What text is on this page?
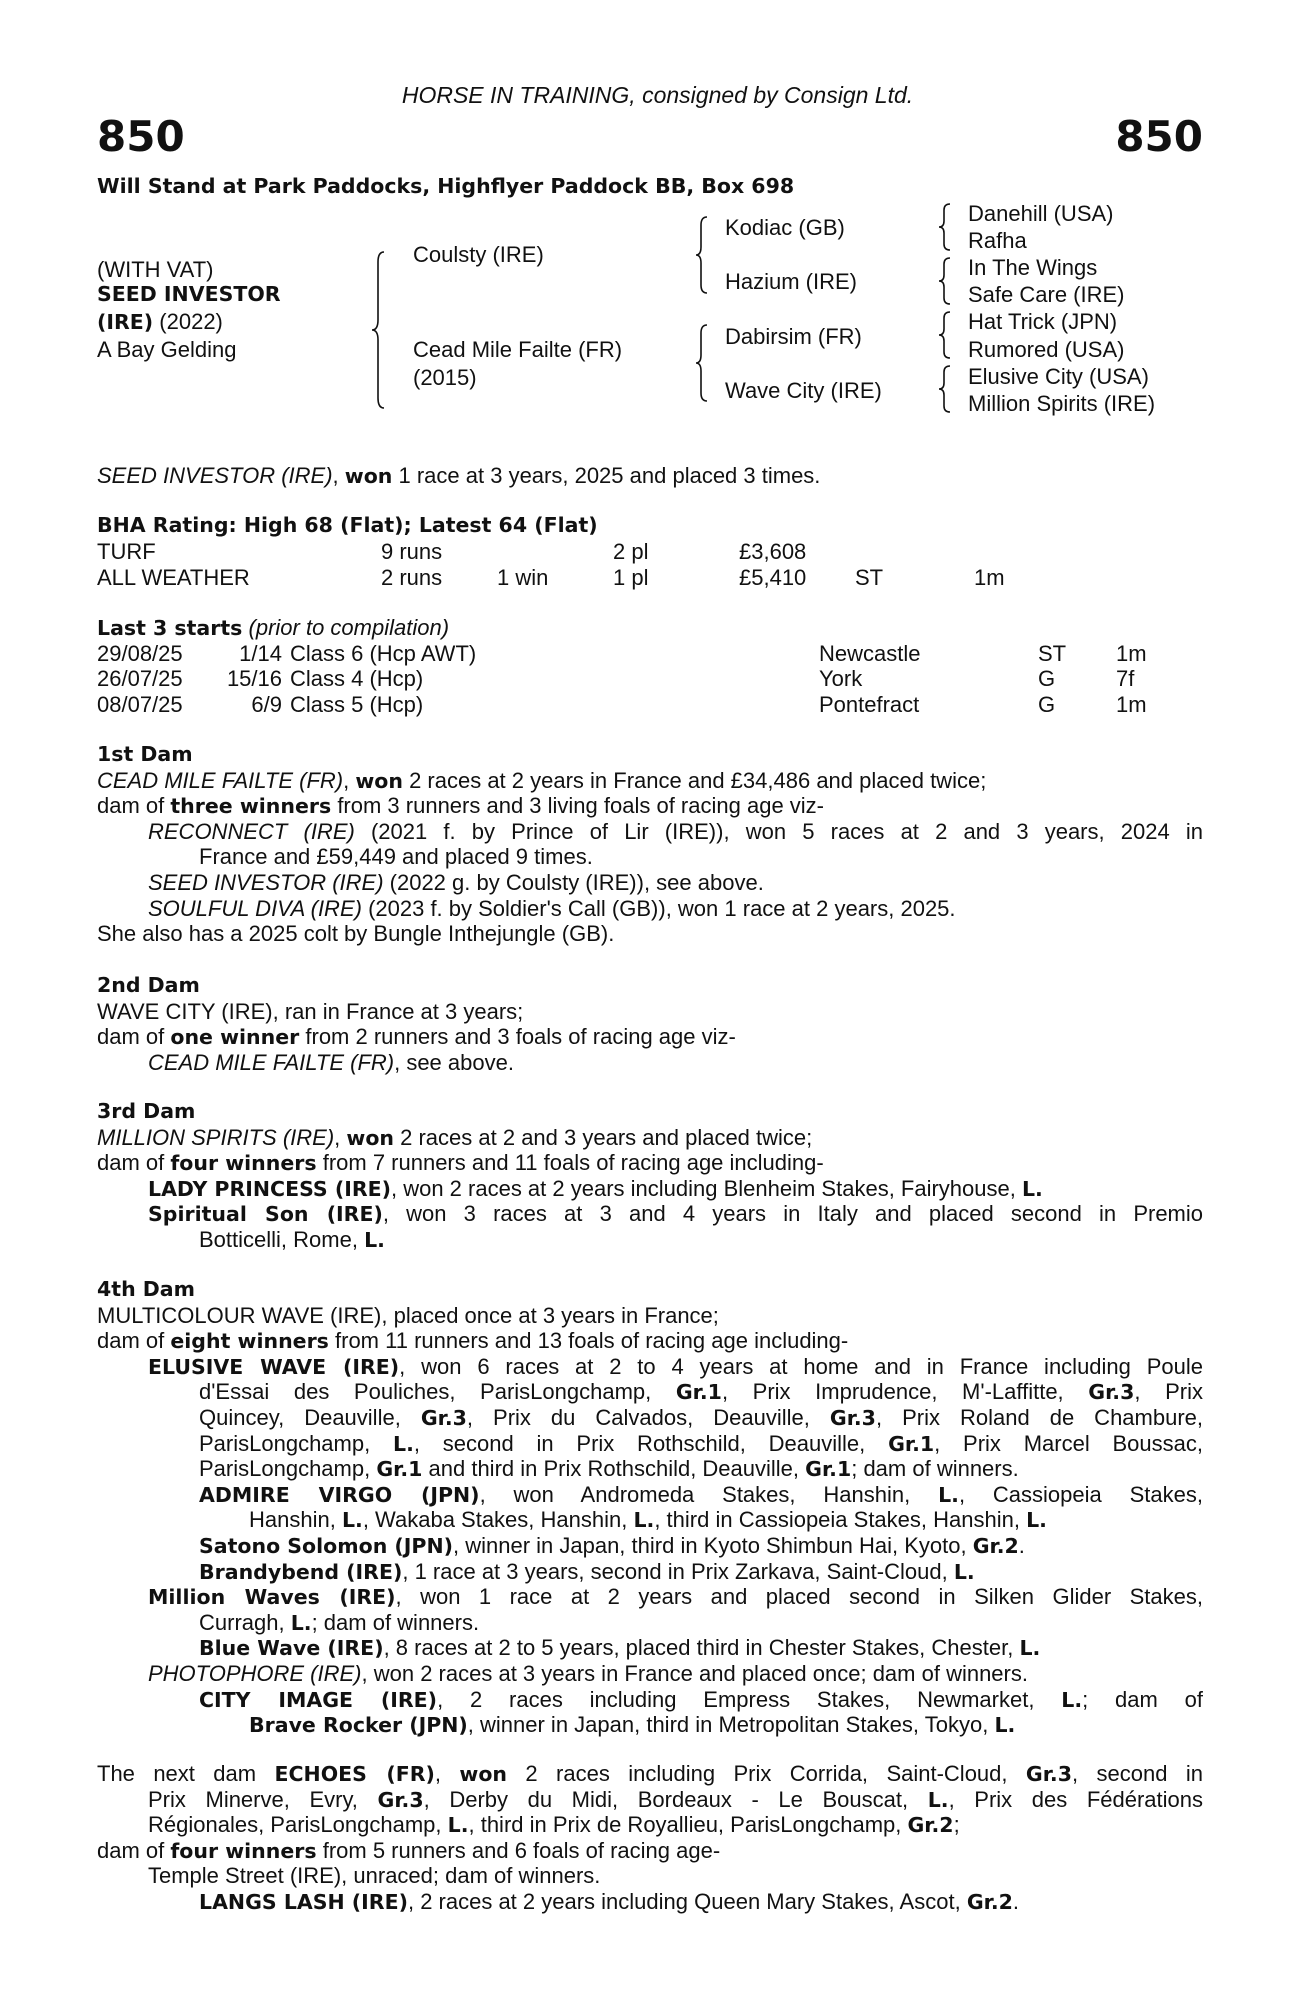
HORSE IN TRAINING, consigned by Consign Ltd.
850	850
Will Stand at Park Paddocks, Highflyer Paddock BB, Box 698
(WITH VAT)
SEED INVESTOR
(IRE) (2022)
A Bay Gelding
Coulsty (IRE)
Cead Mile Failte (FR)
(2015)
Kodiac (GB)
Hazium (IRE)
Dabirsim (FR)
Wave City (IRE)
Danehill (USA)
Rafha
In The Wings
Safe Care (IRE)
Hat Trick (JPN)
Rumored (USA)
Elusive City (USA)
Million Spirits (IRE)
SEED INVESTOR (IRE), won 1 race at 3 years, 2025 and placed 3 times.
BHA Rating: High 68 (Flat); Latest 64 (Flat)
TURF	9 runs	2 pl	£3,608
ALL WEATHER	2 runs 1 win	1 pl	£5,410 ST	1m
Last 3 starts (prior to compilation)
29/08/25	1/14 Class 6 (Hcp AWT)	Newcastle	ST 1m
26/07/25 15/16 Class 4 (Hcp)	York	G	7f
08/07/25	6/9 Class 5 (Hcp)	Pontefract	G	1m
1st Dam
CEAD MILE FAILTE (FR), won 2 races at 2 years in France and £34,486 and placed twice;
dam of three winners from 3 runners and 3 living foals of racing age viz-
RECONNECT (IRE) (2021 f. by Prince of Lir (IRE)), won 5 races at 2 and 3 years, 2024 in
France and £59,449 and placed 9 times.
SEED INVESTOR (IRE) (2022 g. by Coulsty (IRE)), see above.
SOULFUL DIVA (IRE) (2023 f. by Soldier's Call (GB)), won 1 race at 2 years, 2025.
She also has a 2025 colt by Bungle Inthejungle (GB).
2nd Dam
WAVE CITY (IRE), ran in France at 3 years;
dam of one winner from 2 runners and 3 foals of racing age viz-
CEAD MILE FAILTE (FR), see above.
3rd Dam
MILLION SPIRITS (IRE), won 2 races at 2 and 3 years and placed twice;
dam of four winners from 7 runners and 11 foals of racing age including-
LADY PRINCESS (IRE), won 2 races at 2 years including Blenheim Stakes, Fairyhouse, L.
Spiritual Son (IRE), won 3 races at 3 and 4 years in Italy and placed second in Premio
Botticelli, Rome, L.
4th Dam
MULTICOLOUR WAVE (IRE), placed once at 3 years in France;
dam of eight winners from 11 runners and 13 foals of racing age including-
ELUSIVE WAVE (IRE), won 6 races at 2 to 4 years at home and in France including Poule
d'Essai des Pouliches, ParisLongchamp, Gr.1, Prix Imprudence, M'-Laffitte, Gr.3, Prix
Quincey, Deauville, Gr.3, Prix du Calvados, Deauville, Gr.3, Prix Roland de Chambure,
ParisLongchamp, L., second in Prix Rothschild, Deauville, Gr.1, Prix Marcel Boussac,
ParisLongchamp, Gr.1 and third in Prix Rothschild, Deauville, Gr.1; dam of winners.
ADMIRE VIRGO (JPN), won Andromeda Stakes, Hanshin, L., Cassiopeia Stakes,
Hanshin, L., Wakaba Stakes, Hanshin, L., third in Cassiopeia Stakes, Hanshin, L.
Satono Solomon (JPN), winner in Japan, third in Kyoto Shimbun Hai, Kyoto, Gr.2.
Brandybend (IRE), 1 race at 3 years, second in Prix Zarkava, Saint-Cloud, L.
Million Waves (IRE), won 1 race at 2 years and placed second in Silken Glider Stakes,
Curragh, L.; dam of winners.
Blue Wave (IRE), 8 races at 2 to 5 years, placed third in Chester Stakes, Chester, L.
PHOTOPHORE (IRE), won 2 races at 3 years in France and placed once; dam of winners.
CITY IMAGE (IRE), 2 races including Empress Stakes, Newmarket, L.; dam of
Brave Rocker (JPN), winner in Japan, third in Metropolitan Stakes, Tokyo, L.
The next dam ECHOES (FR), won 2 races including Prix Corrida, Saint-Cloud, Gr.3, second in
Prix Minerve, Evry, Gr.3, Derby du Midi, Bordeaux - Le Bouscat, L., Prix des Fédérations
Régionales, ParisLongchamp, L., third in Prix de Royallieu, ParisLongchamp, Gr.2;
dam of four winners from 5 runners and 6 foals of racing age-
Temple Street (IRE), unraced; dam of winners.
LANGS LASH (IRE), 2 races at 2 years including Queen Mary Stakes, Ascot, Gr.2.
